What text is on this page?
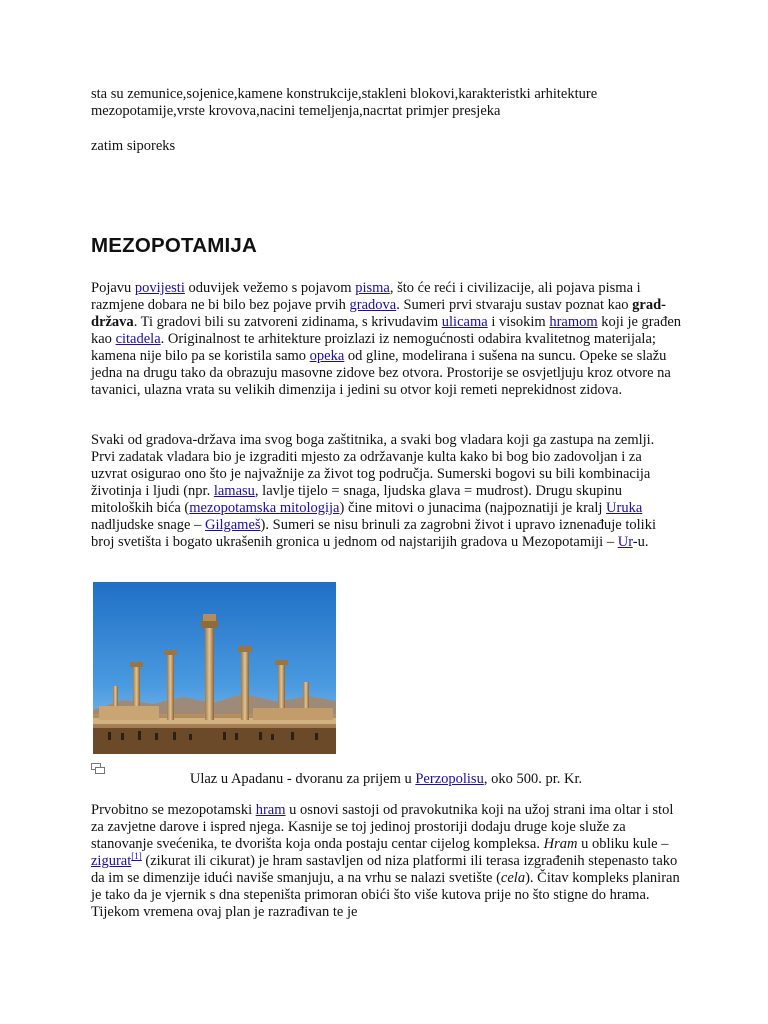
sta su zemunice,sojenice,kamene konstrukcije,stakleni blokovi,karakteristki arhitekture mezopotamije,vrste krovova,nacini temeljenja,nacrtat primjer presjeka
zatim siporeks
MEZOPOTAMIJA
Pojavu povijesti oduvijek vežemo s pojavom pisma, što će reći i civilizacije, ali pojava pisma i razmjene dobara ne bi bilo bez pojave prvih gradova. Sumeri prvi stvaraju sustav poznat kao grad-država. Ti gradovi bili su zatvoreni zidinama, s krivudavim ulicama i visokim hramom koji je građen kao citadela. Originalnost te arhitekture proizlazi iz nemogućnosti odabira kvalitetnog materijala; kamena nije bilo pa se koristila samo opeka od gline, modelirana i sušena na suncu. Opeke se slažu jedna na drugu tako da obrazuju masovne zidove bez otvora. Prostorije se osvjetljuju kroz otvore na tavanici, ulazna vrata su velikih dimenzija i jedini su otvor koji remeti neprekidnost zidova.
Svaki od gradova-država ima svog boga zaštitnika, a svaki bog vladara koji ga zastupa na zemlji. Prvi zadatak vladara bio je izgraditi mjesto za održavanje kulta kako bi bog bio zadovoljan i za uzvrat osigurao ono što je najvažnije za život tog područja. Sumerski bogovi su bili kombinacija životinja i ljudi (npr. lamasu, lavlje tijelo = snaga, ljudska glava = mudrost). Drugu skupinu mitoloških bića (mezopotamska mitologija) čine mitovi o junacima (najpoznatiji je kralj Uruka nadljudske snage – Gilgameš). Sumeri se nisu brinuli za zagrobni život i upravo iznenađuje toliki broj svetišta i bogato ukrašenih gronica u jednom od najstarijih gradova u Mezopotamiji – Ur-u.
Ulaz u Apadanu - dvoranu za prijem u Perzopolisu, oko 500. pr. Kr.
Prvobitno se mezopotamski hram u osnovi sastoji od pravokutnika koji na užoj strani ima oltar i stol za zavjetne darove i ispred njega. Kasnije se toj jedinoj prostoriji dodaju druge koje služe za stanovanje svećenika, te dvorišta koja onda postaju centar cijelog kompleksa. Hram u obliku kule – zigurat[1] (zikurat ili cikurat) je hram sastavljen od niza platformi ili terasa izgrađenih stepenasto tako da im se dimenzije idući naviše smanjuju, a na vrhu se nalazi svetište (cela). Čitav kompleks planiran je tako da je vjernik s dna stepeništa primoran obići što više kutova prije no što stigne do hrama. Tijekom vremena ovaj plan je razrađivan te je
